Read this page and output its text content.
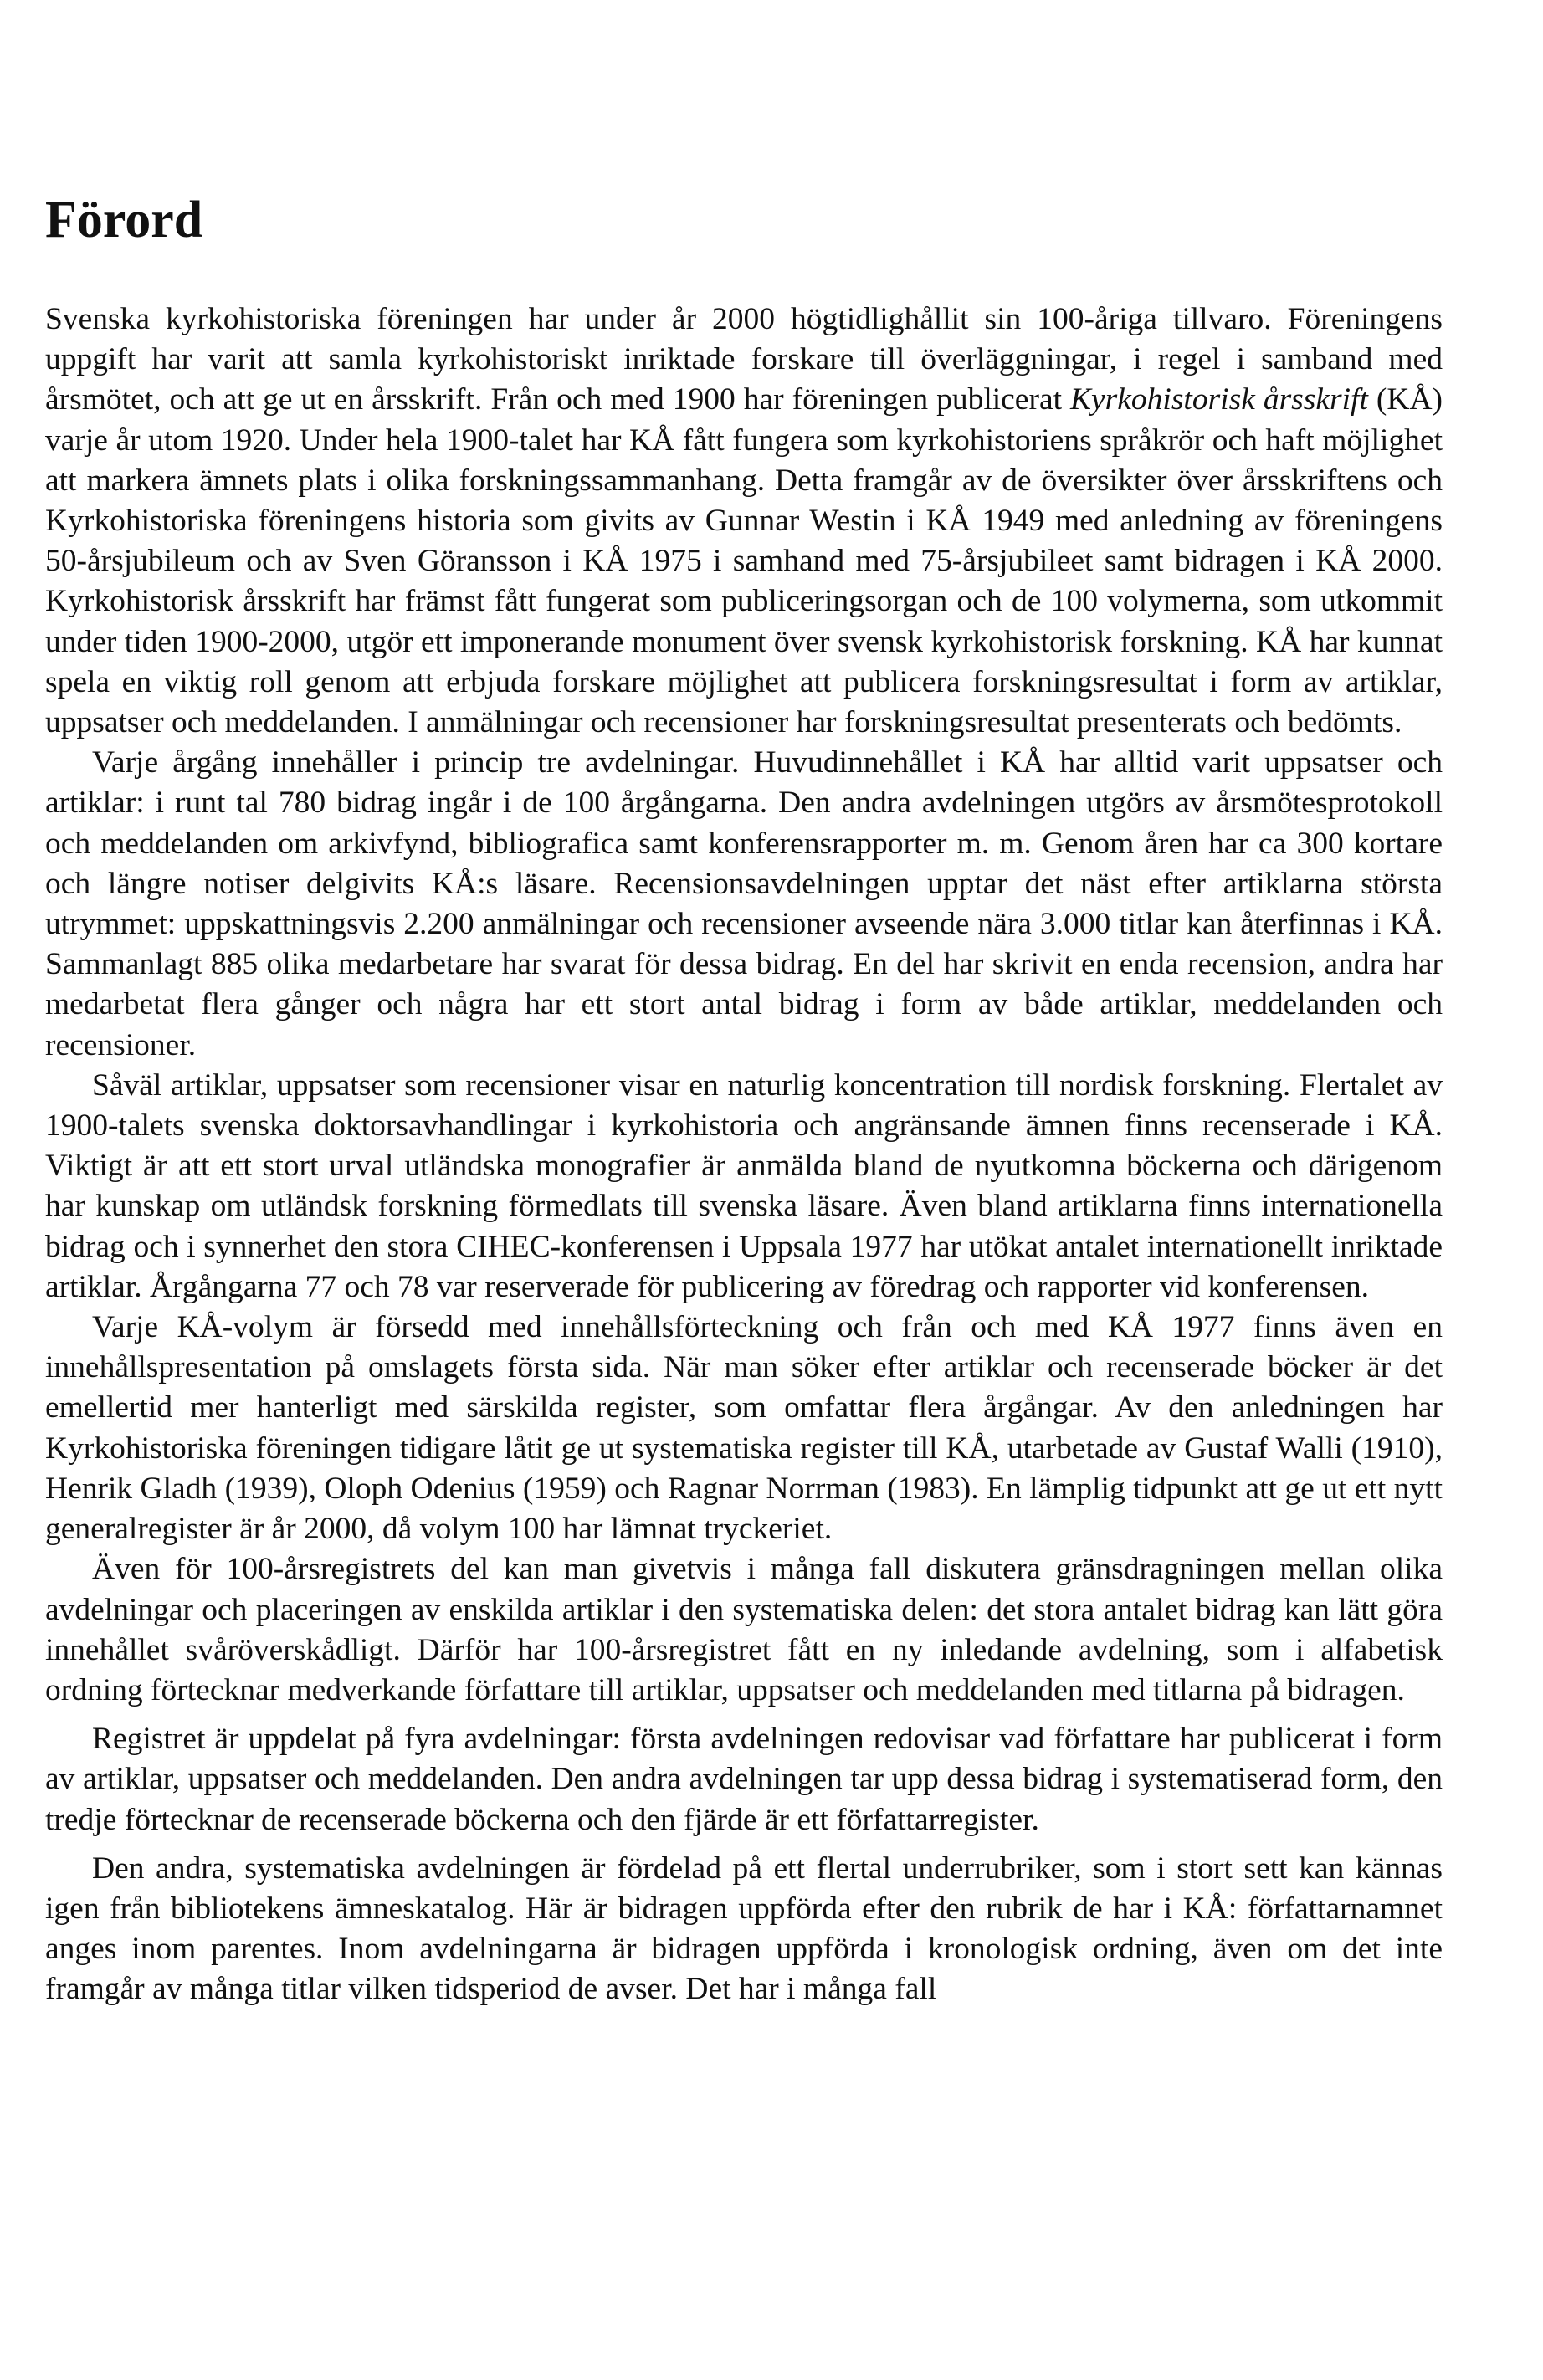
Förord

Svenska kyrkohistoriska föreningen har under år 2000 högtidlighållit sin 100-åriga tillvaro. Föreningens uppgift har varit att samla kyrkohistoriskt inriktade forskare till överläggningar, i regel i samband med årsmötet, och att ge ut en årsskrift. Från och med 1900 har föreningen publicerat Kyrkohistorisk årsskrift (KÅ) varje år utom 1920. Under hela 1900-talet har KÅ fått fungera som kyrkohistoriens språkrör och haft möjlighet att markera ämnets plats i olika forskningssammanhang. Detta framgår av de översikter över årsskriftens och Kyrkohistoriska föreningens historia som givits av Gunnar Westin i KÅ 1949 med anledning av föreningens 50-årsjubileum och av Sven Göransson i KÅ 1975 i samhand med 75-årsjubileet samt bidragen i KÅ 2000. Kyrkohistorisk årsskrift har främst fått fungerat som publiceringsorgan och de 100 volymerna, som utkommit under tiden 1900-2000, utgör ett imponerande monument över svensk kyrkohistorisk forskning. KÅ har kunnat spela en viktig roll genom att erbjuda forskare möjlighet att publicera forskningsresultat i form av artiklar, uppsatser och meddelanden. I anmälningar och recensioner har forskningsresultat presenterats och bedömts.

Varje årgång innehåller i princip tre avdelningar. Huvudinnehållet i KÅ har alltid varit uppsatser och artiklar: i runt tal 780 bidrag ingår i de 100 årgångarna. Den andra avdelningen utgörs av årsmötesprotokoll och meddelanden om arkivfynd, bibliografica samt konferensrapporter m. m. Genom åren har ca 300 kortare och längre notiser delgivits KÅ:s läsare. Recensionsavdelningen upptar det näst efter artiklarna största utrymmet: uppskattningsvis 2.200 anmälningar och recensioner avseende nära 3.000 titlar kan återfinnas i KÅ. Sammanlagt 885 olika medarbetare har svarat för dessa bidrag. En del har skrivit en enda recension, andra har medarbetat flera gånger och några har ett stort antal bidrag i form av både artiklar, meddelanden och recensioner.

Såväl artiklar, uppsatser som recensioner visar en naturlig koncentration till nordisk forskning. Flertalet av 1900-talets svenska doktorsavhandlingar i kyrkohistoria och angränsande ämnen finns recenserade i KÅ. Viktigt är att ett stort urval utländska monografier är anmälda bland de nyutkomna böckerna och därigenom har kunskap om utländsk forskning förmedlats till svenska läsare. Även bland artiklarna finns internationella bidrag och i synnerhet den stora CIHEC-konferensen i Uppsala 1977 har utökat antalet internationellt inriktade artiklar. Årgångarna 77 och 78 var reserverade för publicering av föredrag och rapporter vid konferensen.

Varje KÅ-volym är försedd med innehållsförteckning och från och med KÅ 1977 finns även en innehållspresentation på omslagets första sida. När man söker efter artiklar och recenserade böcker är det emellertid mer hanterligt med särskilda register, som omfattar flera årgångar. Av den anledningen har Kyrkohistoriska föreningen tidigare låtit ge ut systematiska register till KÅ, utarbetade av Gustaf Walli (1910), Henrik Gladh (1939), Oloph Odenius (1959) och Ragnar Norrman (1983). En lämplig tidpunkt att ge ut ett nytt generalregister är år 2000, då volym 100 har lämnat tryckeriet.

Även för 100-årsregistrets del kan man givetvis i många fall diskutera gränsdragningen mellan olika avdelningar och placeringen av enskilda artiklar i den systematiska delen: det stora antalet bidrag kan lätt göra innehållet svåröverskådligt. Därför har 100-årsregistret fått en ny inledande avdelning, som i alfabetisk ordning förtecknar medverkande författare till artiklar, uppsatser och meddelanden med titlarna på bidragen.

Registret är uppdelat på fyra avdelningar: första avdelningen redovisar vad författare har publicerat i form av artiklar, uppsatser och meddelanden. Den andra avdelningen tar upp dessa bidrag i systematiserad form, den tredje förtecknar de recenserade böckerna och den fjärde är ett författarregister.

Den andra, systematiska avdelningen är fördelad på ett flertal underrubriker, som i stort sett kan kännas igen från bibliotekens ämneskatalog. Här är bidragen uppförda efter den rubrik de har i KÅ: författarnamnet anges inom parentes. Inom avdelningarna är bidragen uppförda i kronologisk ordning, även om det inte framgår av många titlar vilken tidsperiod de avser. Det har i många fall
